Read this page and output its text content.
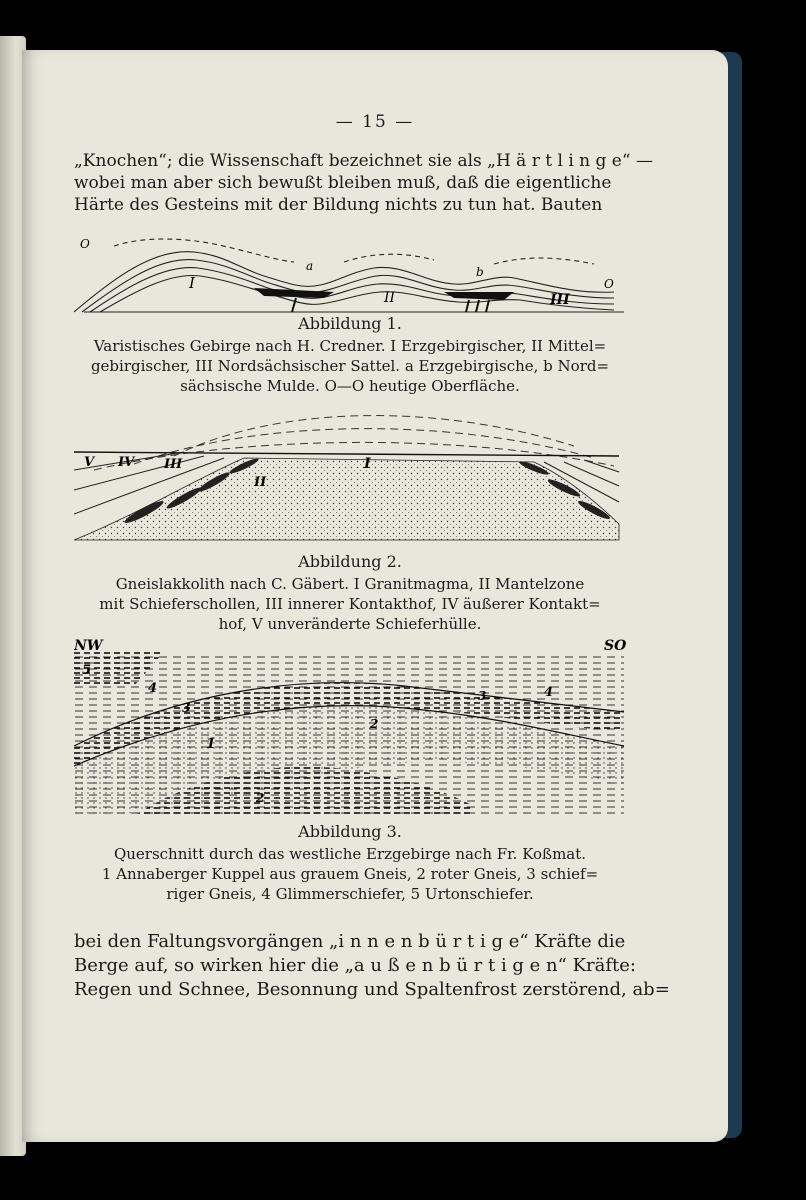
— 15 —
„Knochen“; die Wissenschaft bezeichnet sie als „H ä r t l i n g e“ —
wobei man aber sich bewußt bleiben muß, daß die eigentliche
Härte des Gesteins mit der Bildung nichts zu tun hat. Bauten
O
O
a	b
I
II	III
Abbildung 1.
Varistisches Gebirge nach H. Credner. I Erzgebirgischer, II Mittel=
gebirgischer, III Nordsächsischer Sattel. a Erzgebirgische, b Nord=
sächsische Mulde. O—O heutige Oberfläche.
V IV III
II
I
Abbildung 2.
Gneislakkolith nach C. Gäbert. I Granitmagma, II Mantelzone
mit Schieferschollen, III innerer Kontakthof, IV äußerer Kontakt=
hof, V unveränderte Schieferhülle.
NW	SO
5
4	4
3
3
2
2
1
Abbildung 3.
Querschnitt durch das westliche Erzgebirge nach Fr. Koßmat.
1 Annaberger Kuppel aus grauem Gneis, 2 roter Gneis, 3 schief=
riger Gneis, 4 Glimmerschiefer, 5 Urtonschiefer.
bei den Faltungsvorgängen „i n n e n b ü r t i g e“ Kräfte die
Berge auf, so wirken hier die „a u ß e n b ü r t i g e n“ Kräfte:
Regen und Schnee, Besonnung und Spaltenfrost zerstörend, ab=
